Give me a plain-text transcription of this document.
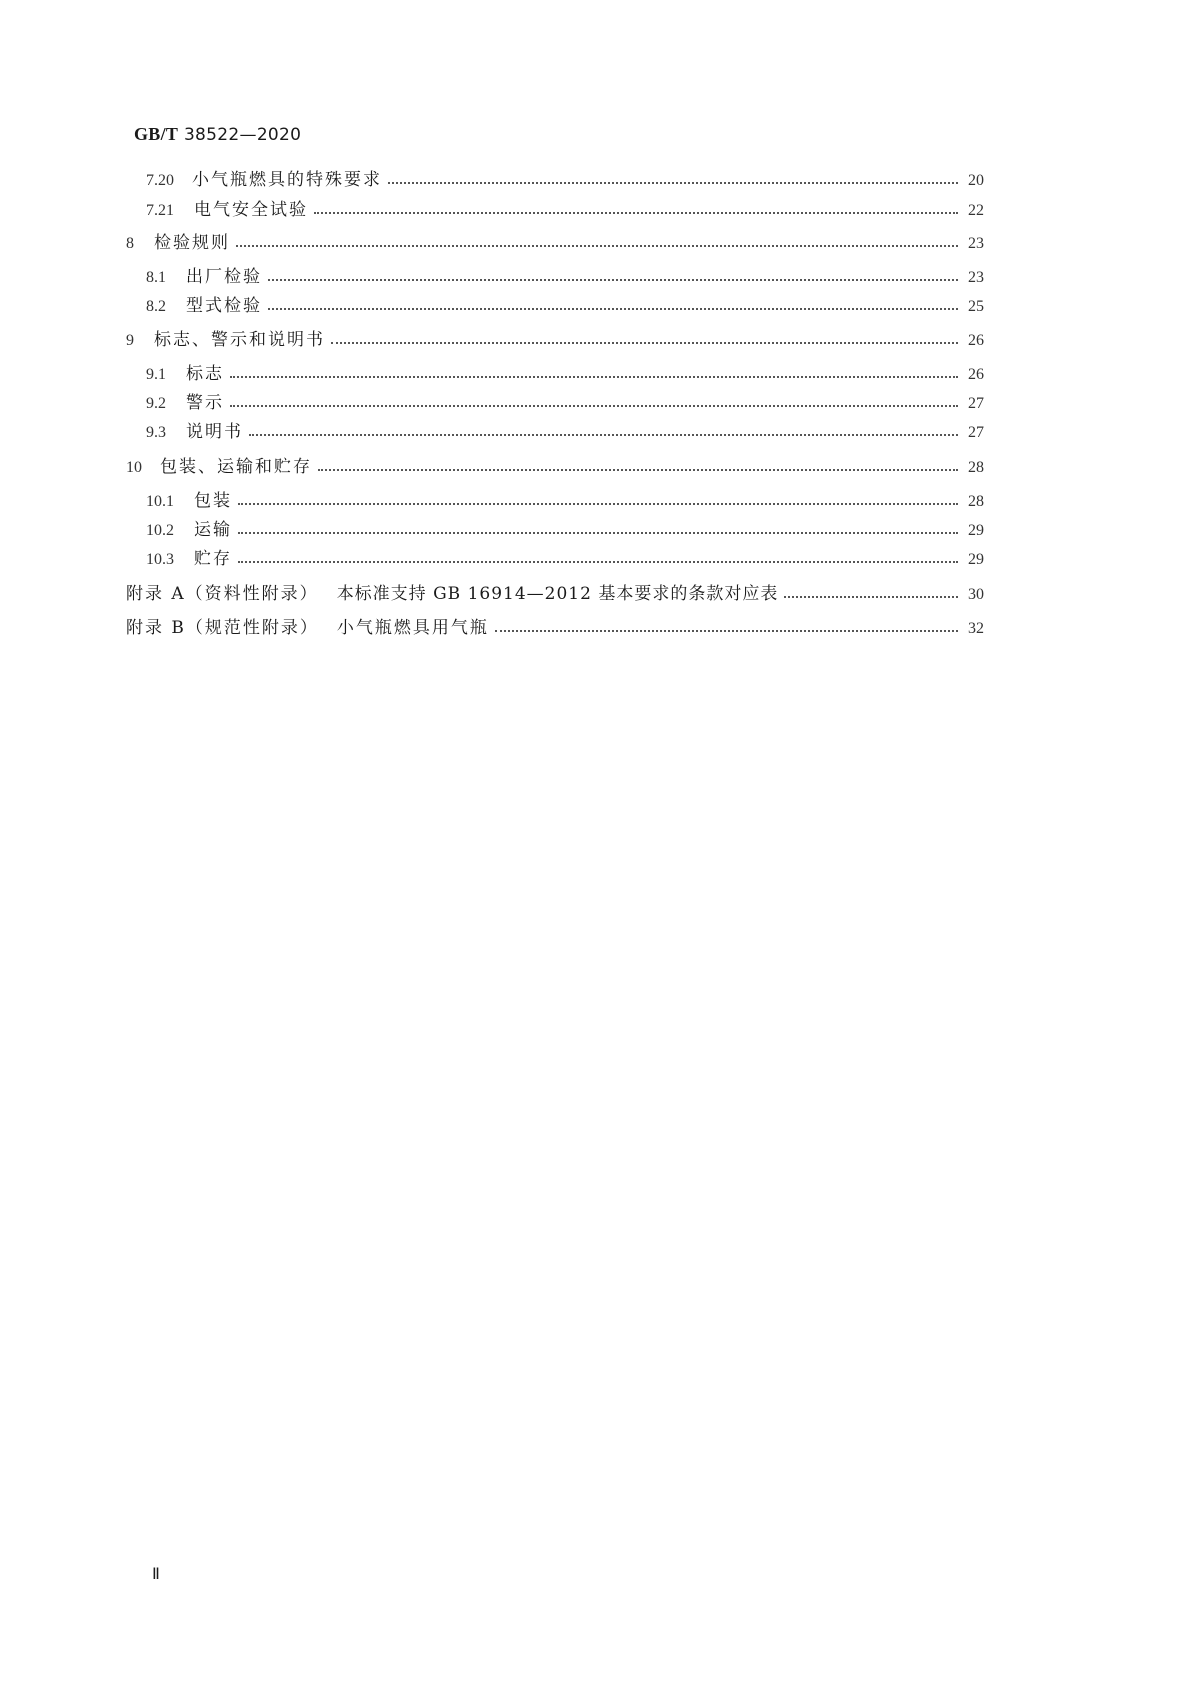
GB/T 38522—2020
7.20 小气瓶燃具的特殊要求	20
7.21 电气安全试验	22
8 检验规则	23
8.1 出厂检验	23
8.2 型式检验	25
9 标志、警示和说明书	26
9.1 标志	26
9.2 警示	27
9.3 说明书	27
10 包装、运输和贮存	28
10.1 包装	28
10.2 运输	29
10.3 贮存	29
附录 A（资料性附录） 本标准支持 GB 16914—2012 基本要求的条款对应表	30
附录 B（规范性附录） 小气瓶燃具用气瓶	32
Ⅱ
